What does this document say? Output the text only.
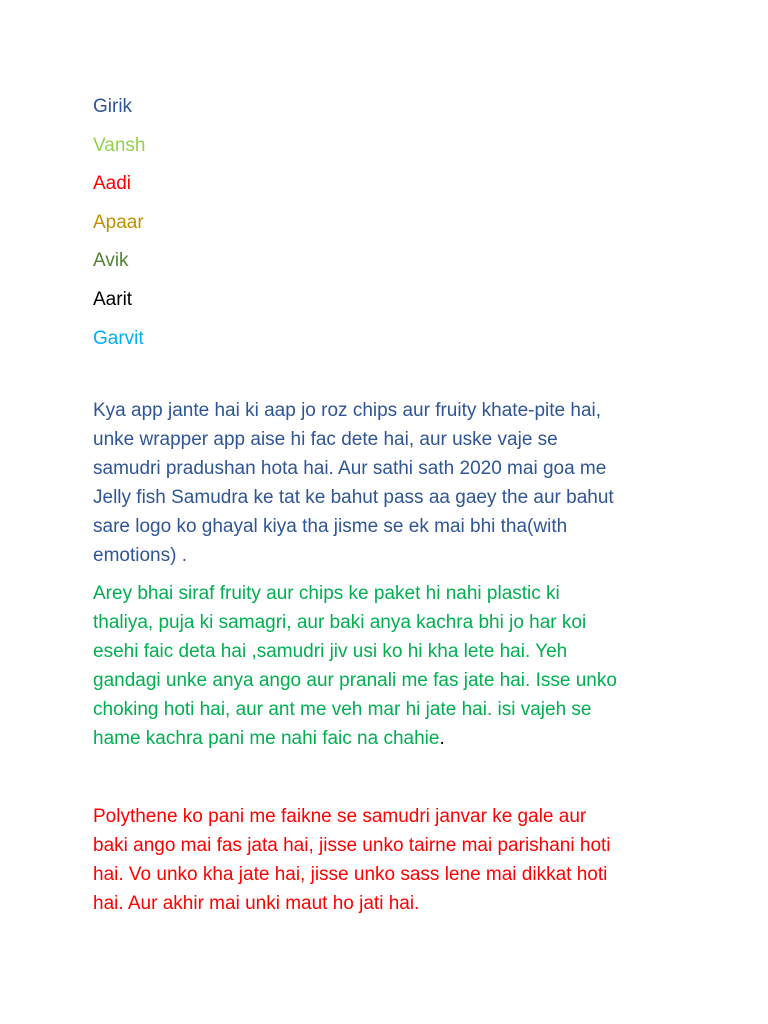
Girik
Vansh
Aadi
Apaar
Avik
Aarit
Garvit

Kya app jante hai ki aap jo roz chips aur fruity khate-pite hai,
unke wrapper app aise hi fac dete hai, aur uske vaje se
samudri pradushan hota hai. Aur sathi sath 2020 mai goa me
Jelly fish Samudra ke tat ke bahut pass aa gaey the aur bahut
sare logo ko ghayal kiya tha jisme se ek mai bhi tha(with
emotions) .

Arey bhai siraf fruity aur chips ke paket hi nahi plastic ki
thaliya, puja ki samagri, aur baki anya kachra bhi jo har koi
esehi faic deta hai ,samudri jiv usi ko hi kha lete hai. Yeh
gandagi unke anya ango aur pranali me fas jate hai. Isse unko
choking hoti hai, aur ant me veh mar hi jate hai. isi vajeh se
hame kachra pani me nahi faic na chahie.

Polythene ko pani me faikne se samudri janvar ke gale aur
baki ango mai fas jata hai, jisse unko tairne mai parishani hoti
hai. Vo unko kha jate hai, jisse unko sass lene mai dikkat hoti
hai. Aur akhir mai unki maut ho jati hai.
